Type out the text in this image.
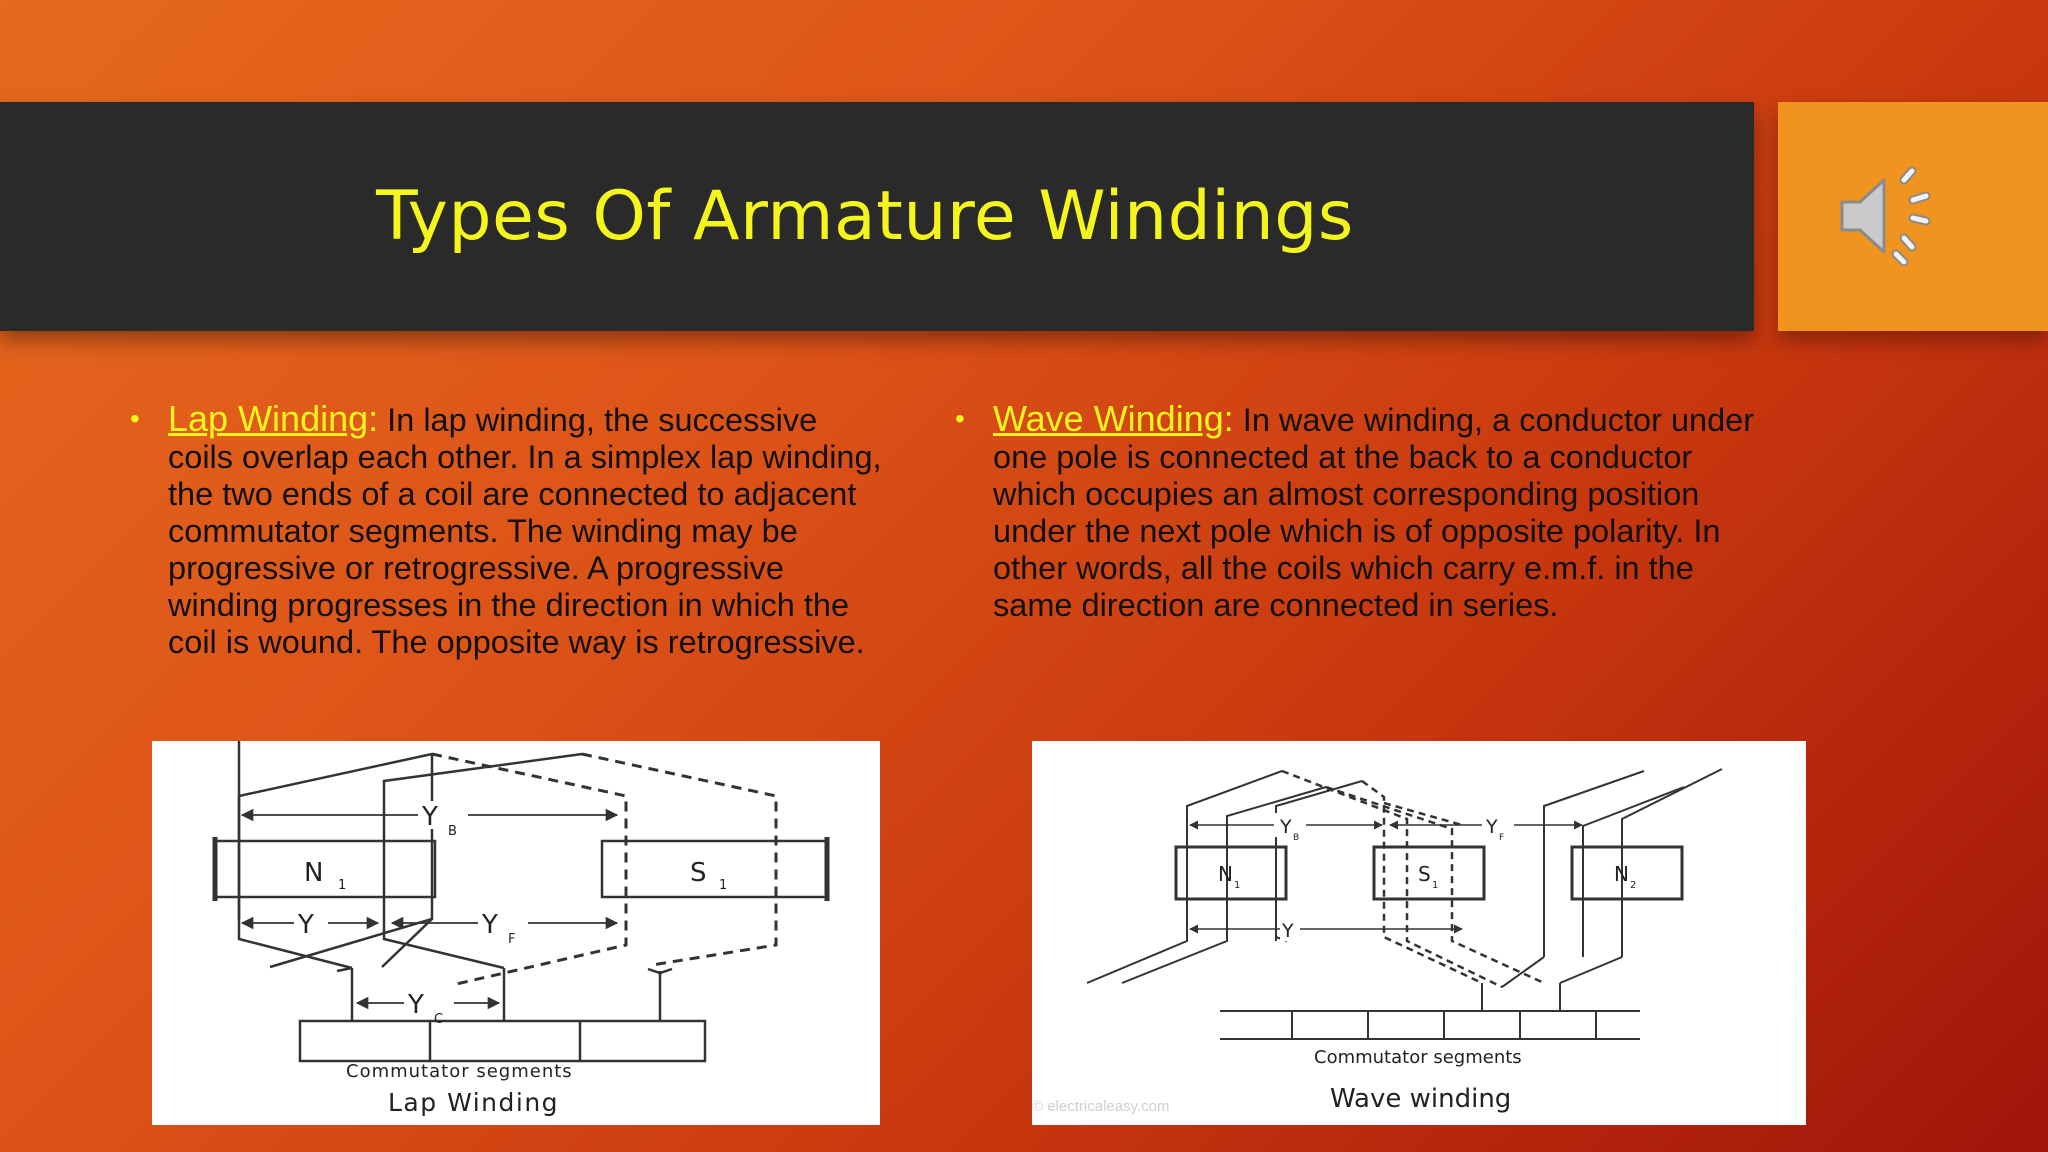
Types Of Armature Windings
• Lap Winding: In lap winding, the successive coils overlap each other. In a simplex lap winding, the two ends of a coil are connected to adjacent commutator segments. The winding may be progressive or retrogressive. A progressive winding progresses in the direction in which the coil is wound. The opposite way is retrogressive.
• Wave Winding: In wave winding, a conductor under one pole is connected at the back to a conductor which occupies an almost corresponding position under the next pole which is of opposite polarity. In other words, all the coils which carry e.m.f. in the same direction are connected in series.
N 1	S 1
Y B
Y	Y F
Y C
Commutator segments
Lap Winding
N 1	S 1	N 2
Y B	Y F
Y
Commutator segments
Wave winding
© electricaleasy.com
